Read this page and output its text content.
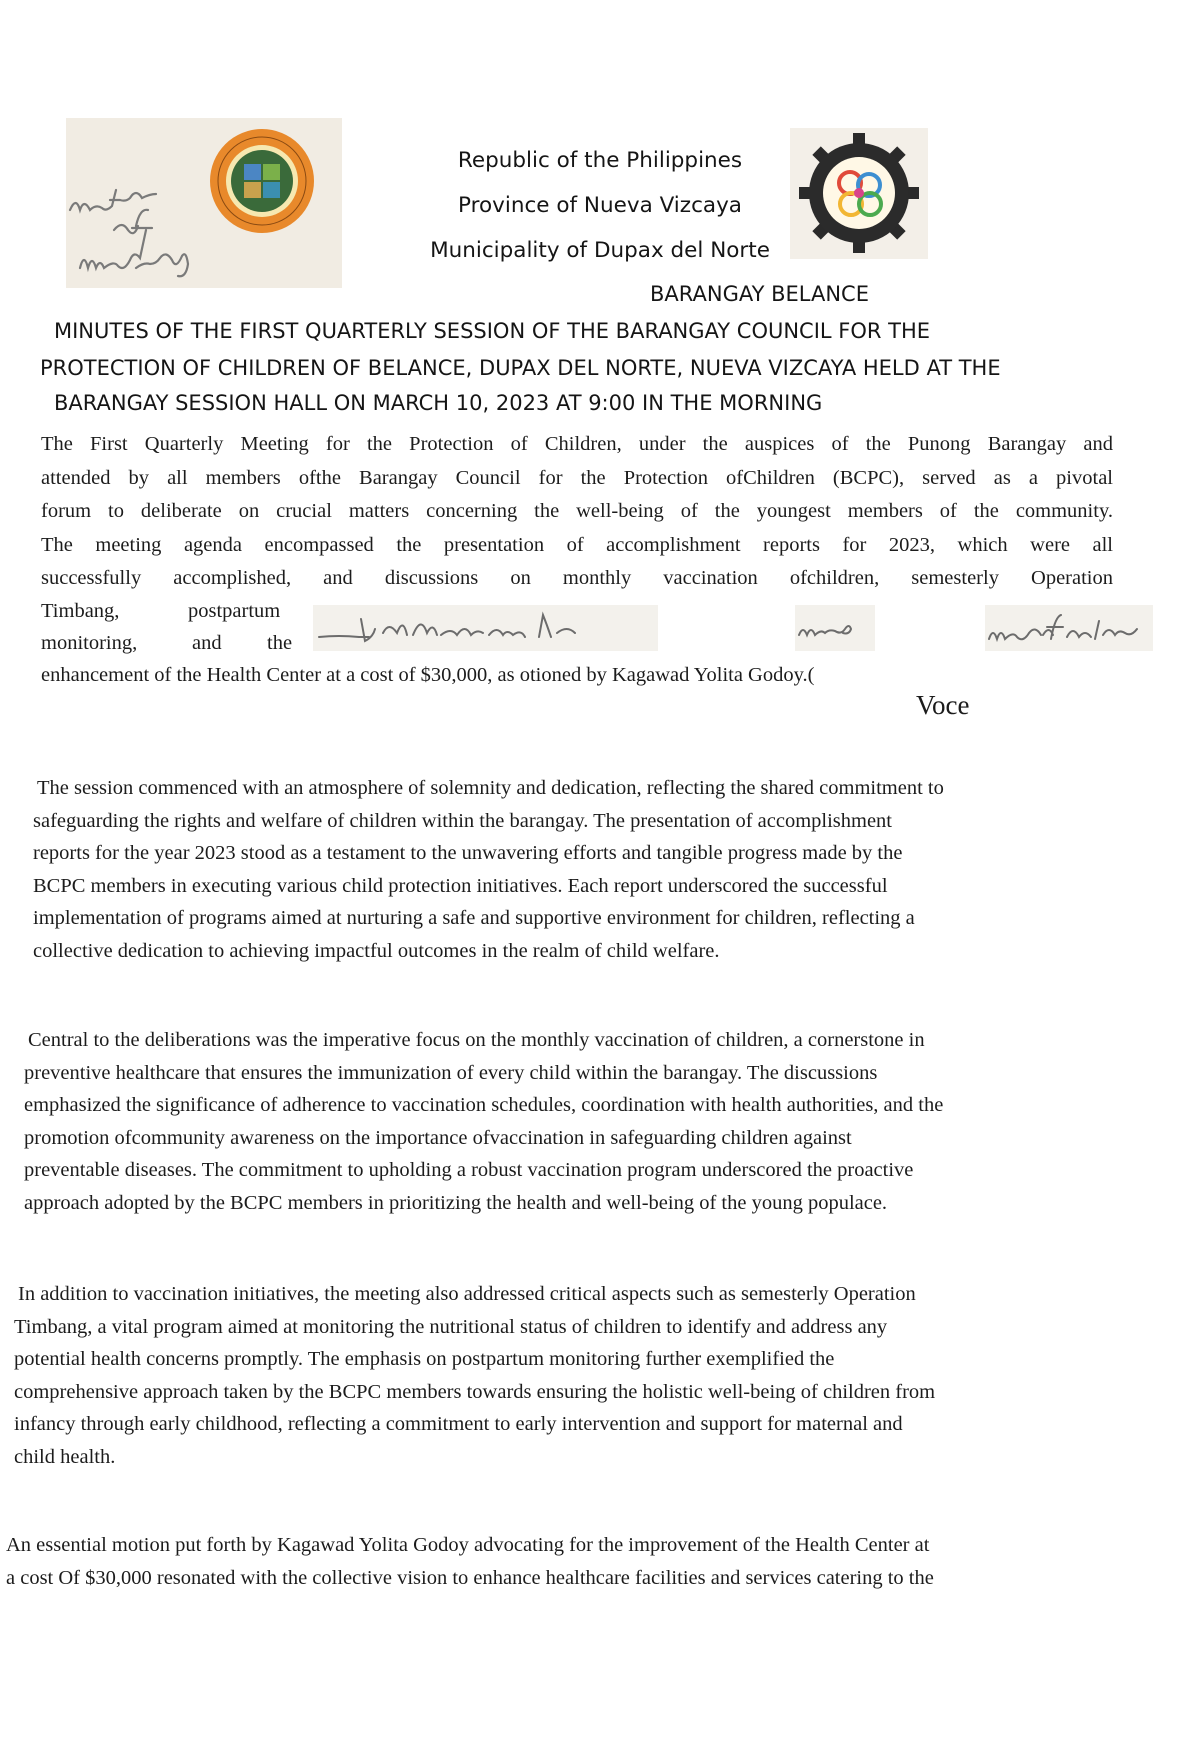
Republic of the Philippines
Province of Nueva Vizcaya
Municipality of Dupax del Norte
BARANGAY BELANCE
MINUTES OF THE FIRST QUARTERLY SESSION OF THE BARANGAY COUNCIL FOR THE
PROTECTION OF CHILDREN OF BELANCE, DUPAX DEL NORTE, NUEVA VIZCAYA HELD AT THE
BARANGAY SESSION HALL ON MARCH 10, 2023 AT 9:00 IN THE MORNING
The First Quarterly Meeting for the Protection of Children, under the auspices of the Punong Barangay and
attended by all members ofthe Barangay Council for the Protection ofChildren (BCPC), served as a pivotal
forum to deliberate on crucial matters concerning the well-being of the youngest members of the community.
The meeting agenda encompassed the presentation of accomplishment reports for 2023, which were all
successfully accomplished, and discussions on monthly vaccination ofchildren, semesterly Operation
Timbang,	postpartum
monitoring,	and the
enhancement of the Health Center at a cost of $30,000, as otioned by Kagawad Yolita Godoy.(
Voce
The session commenced with an atmosphere of solemnity and dedication, reflecting the shared commitment to
safeguarding the rights and welfare of children within the barangay. The presentation of accomplishment
reports for the year 2023 stood as a testament to the unwavering efforts and tangible progress made by the
BCPC members in executing various child protection initiatives. Each report underscored the successful
implementation of programs aimed at nurturing a safe and supportive environment for children, reflecting a
collective dedication to achieving impactful outcomes in the realm of child welfare.
Central to the deliberations was the imperative focus on the monthly vaccination of children, a cornerstone in
preventive healthcare that ensures the immunization of every child within the barangay. The discussions
emphasized the significance of adherence to vaccination schedules, coordination with health authorities, and the
promotion ofcommunity awareness on the importance ofvaccination in safeguarding children against
preventable diseases. The commitment to upholding a robust vaccination program underscored the proactive
approach adopted by the BCPC members in prioritizing the health and well-being of the young populace.
In addition to vaccination initiatives, the meeting also addressed critical aspects such as semesterly Operation
Timbang, a vital program aimed at monitoring the nutritional status of children to identify and address any
potential health concerns promptly. The emphasis on postpartum monitoring further exemplified the
comprehensive approach taken by the BCPC members towards ensuring the holistic well-being of children from
infancy through early childhood, reflecting a commitment to early intervention and support for maternal and
child health.
An essential motion put forth by Kagawad Yolita Godoy advocating for the improvement of the Health Center at
a cost Of $30,000 resonated with the collective vision to enhance healthcare facilities and services catering to the
